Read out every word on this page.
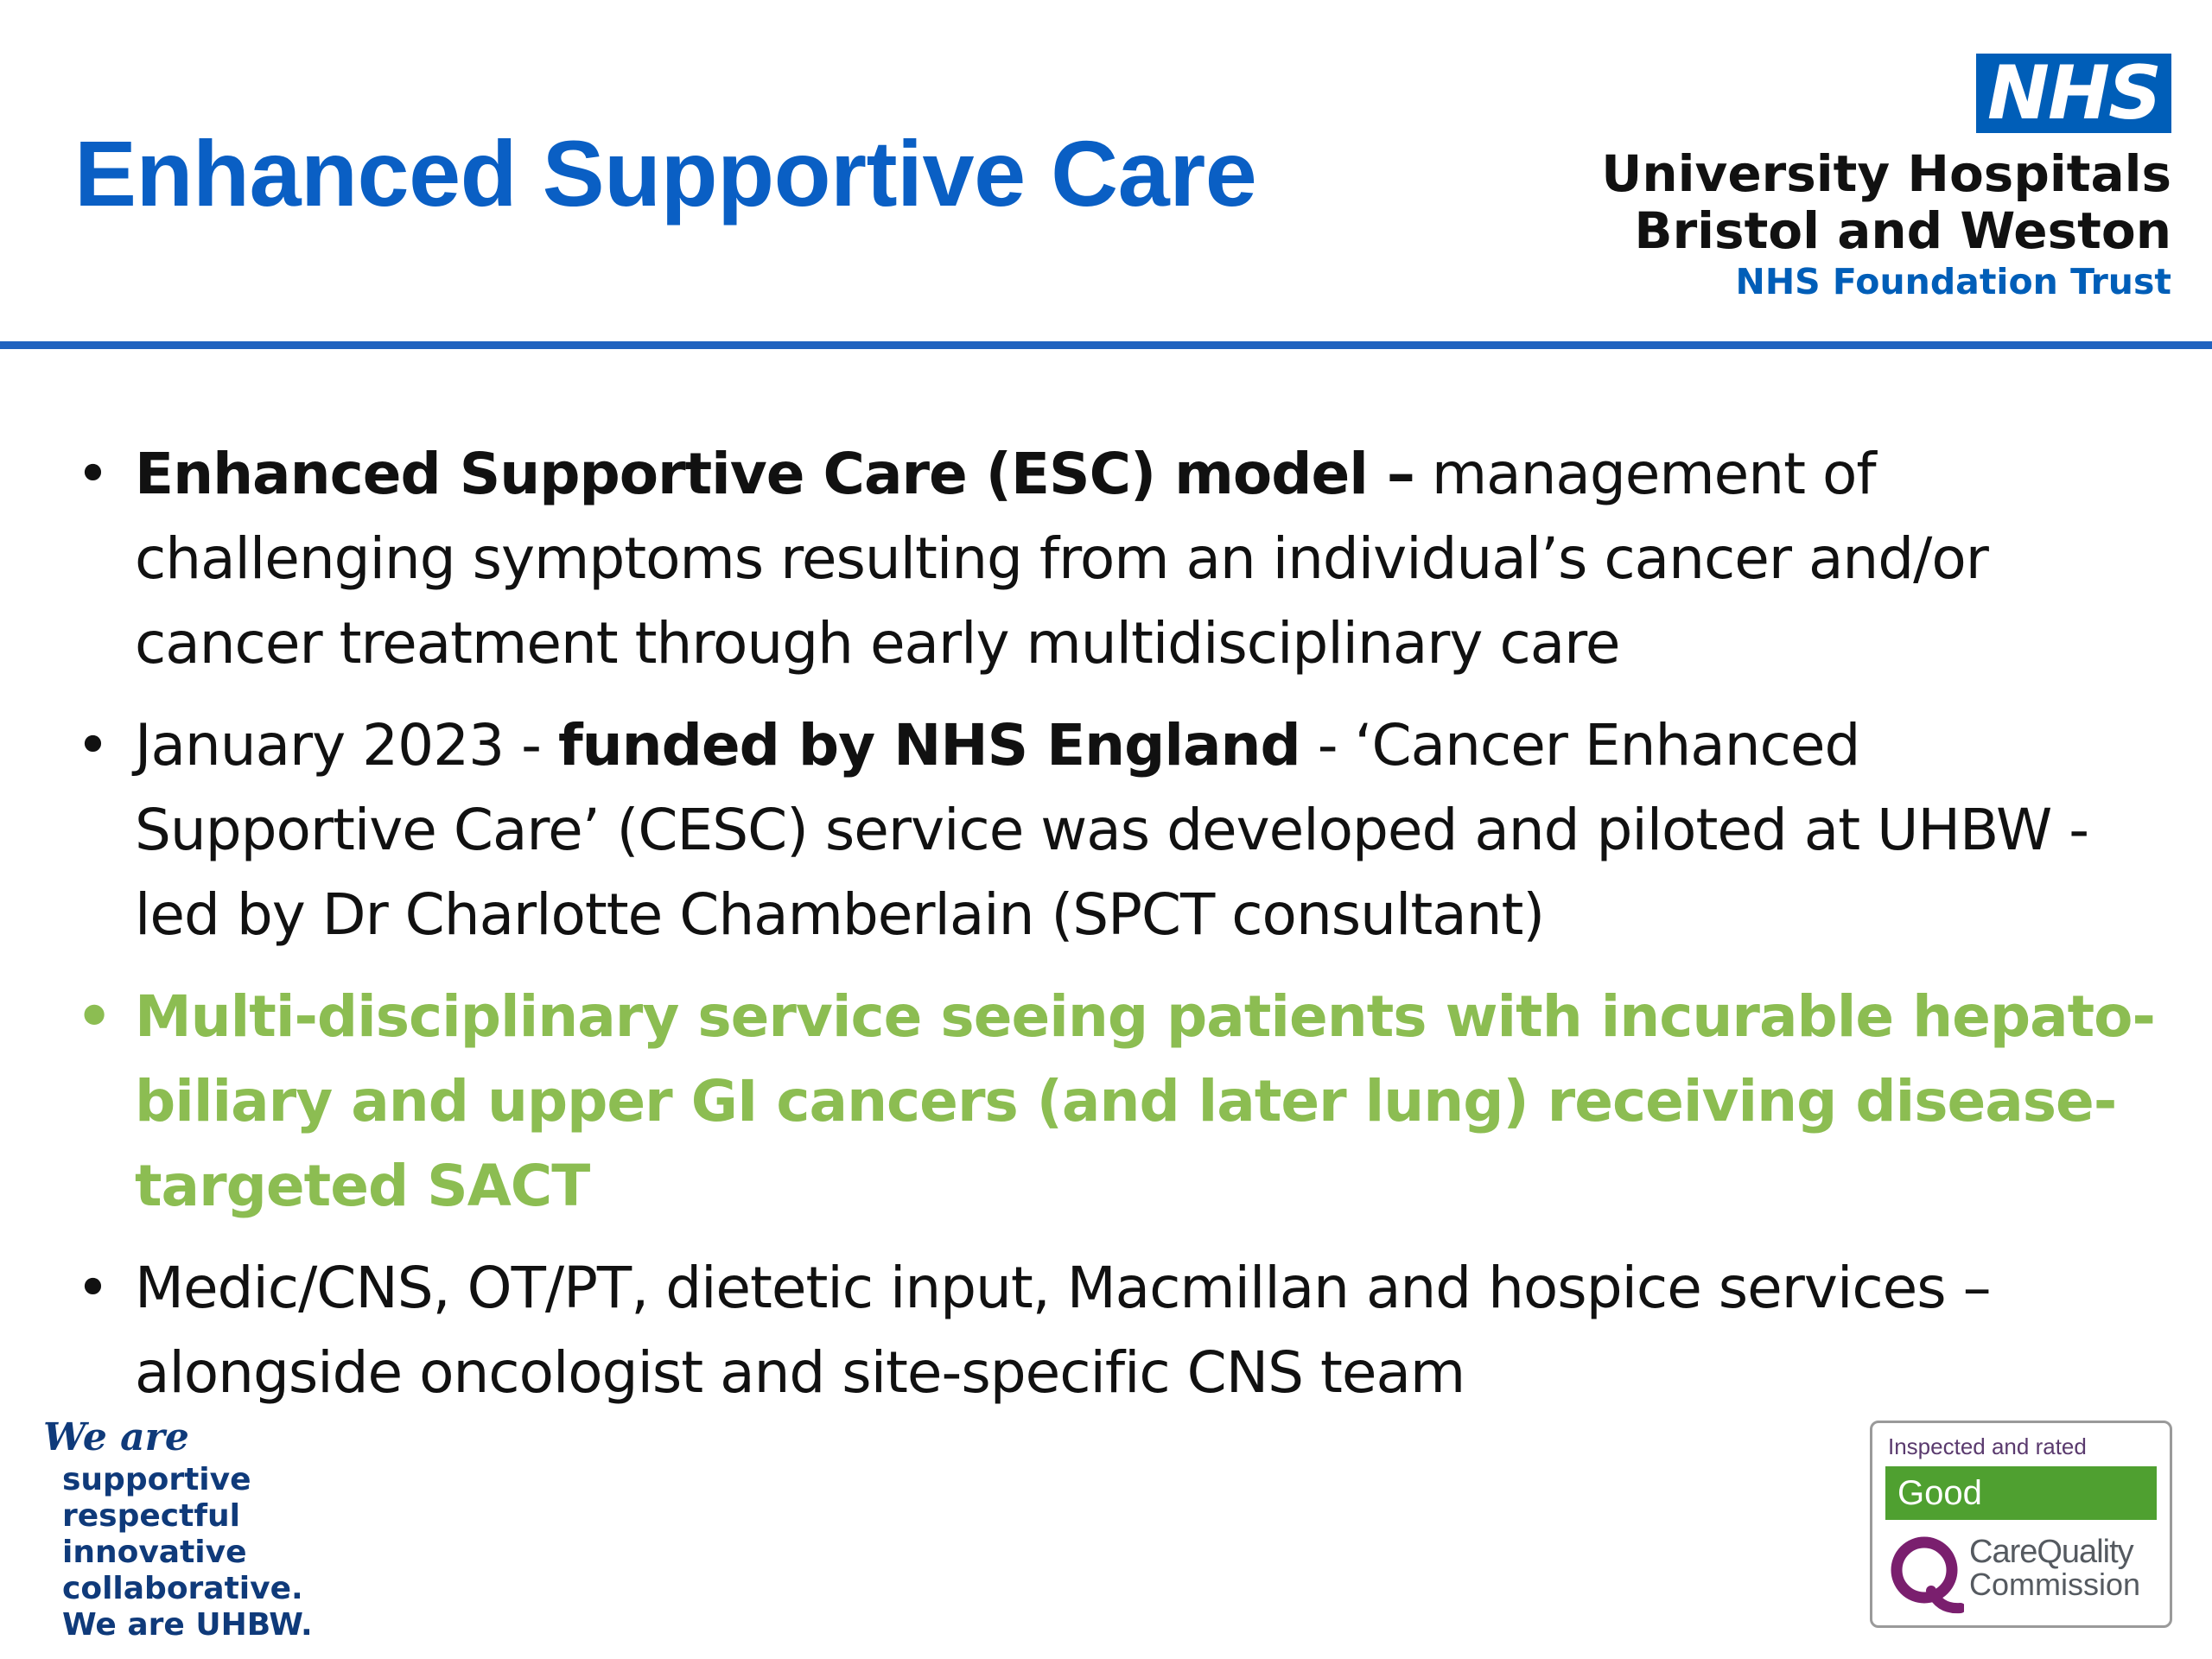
Enhanced Supportive Care
NHS
University Hospitals
Bristol and Weston
NHS Foundation Trust
• Enhanced Supportive Care (ESC) model – management of challenging symptoms resulting from an individual’s cancer and/or cancer treatment through early multidisciplinary care
• January 2023 - funded by NHS England - ‘Cancer Enhanced Supportive Care’ (CESC) service was developed and piloted at UHBW - led by Dr Charlotte Chamberlain (SPCT consultant)
• Multi-disciplinary service seeing patients with incurable hepato-biliary and upper GI cancers (and later lung) receiving disease-targeted SACT
• Medic/CNS, OT/PT, dietetic input, Macmillan and hospice services – alongside oncologist and site-specific CNS team
We are
supportive
respectful
innovative
collaborative.
We are UHBW.
Inspected and rated
Good
CareQuality
Commission
